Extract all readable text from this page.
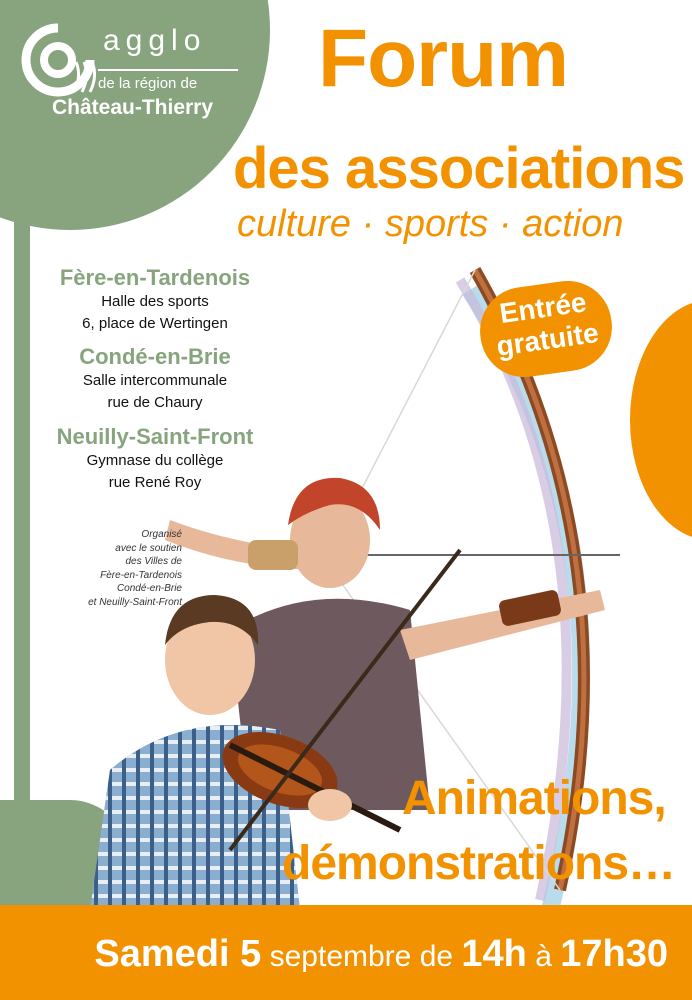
agglo
de la région de
Château-Thierry
Forum
des associations
culture · sports · action
Fère-en-Tardenois
Halle des sports
6, place de Wertingen
Condé-en-Brie
Salle intercommunale
rue de Chaury
Neuilly-Saint-Front
Gymnase du collège
rue René Roy
Organisé
avec le soutien
des Villes de
Fère-en-Tardenois
Condé-en-Brie
et Neuilly-Saint-Front
Entrée
gratuite
Animations,
démonstrations…
Samedi 5 septembre de 14h à 17h30
